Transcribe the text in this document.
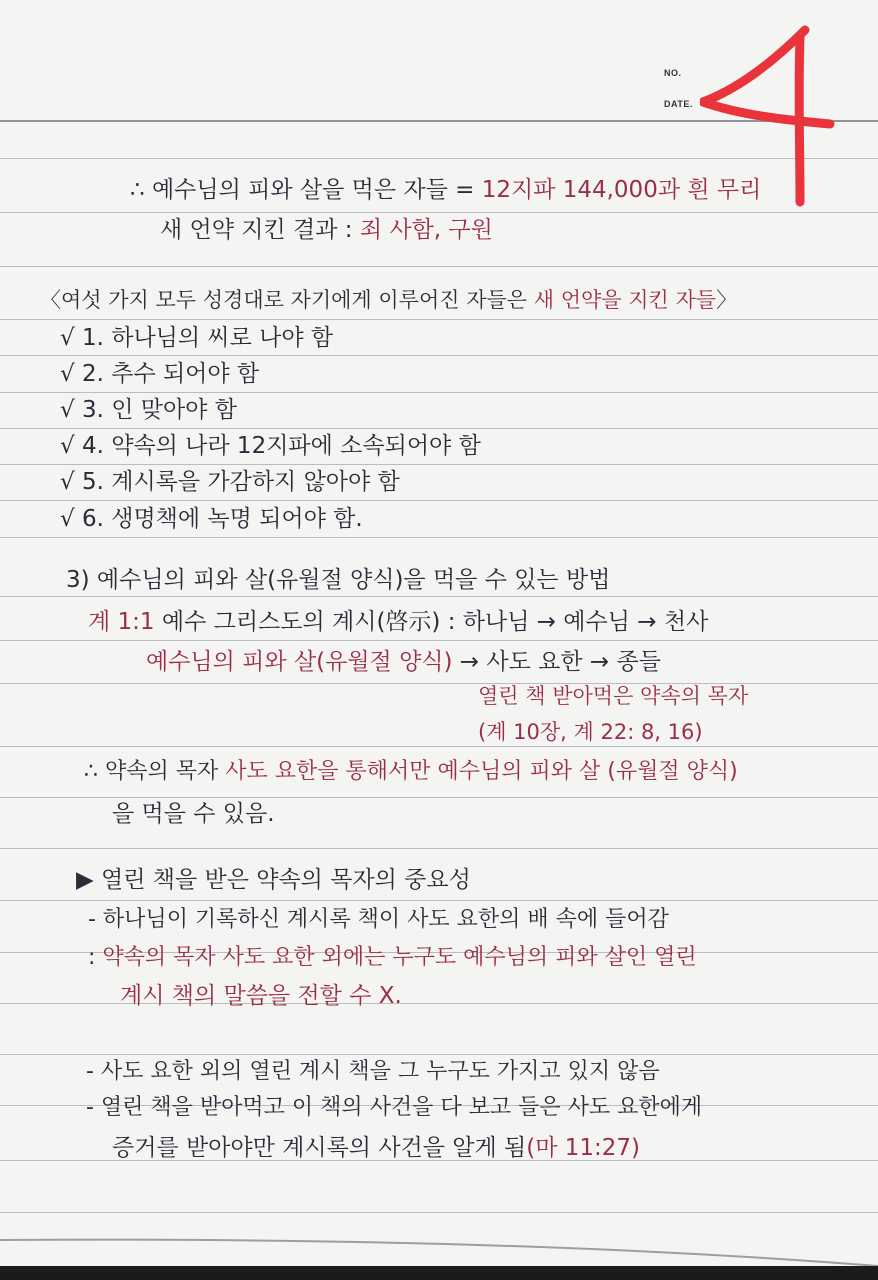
NO.
DATE.
∴ 예수님의 피와 살을 먹은 자들 = 12지파 144,000과 흰 무리
새 언약 지킨 결과 : 죄 사함, 구원
〈여섯 가지 모두 성경대로 자기에게 이루어진 자들은 새 언약을 지킨 자들〉
√ 1. 하나님의 씨로 나야 함
√ 2. 추수 되어야 함
√ 3. 인 맞아야 함
√ 4. 약속의 나라 12지파에 소속되어야 함
√ 5. 계시록을 가감하지 않아야 함
√ 6. 생명책에 녹명 되어야 함.
3) 예수님의 피와 살(유월절 양식)을 먹을 수 있는 방법
계 1:1 예수 그리스도의 계시(啓示) : 하나님 → 예수님 → 천사
예수님의 피와 살(유월절 양식) → 사도 요한 → 종들
열린 책 받아먹은 약속의 목자
(계 10장, 계 22: 8, 16)
∴ 약속의 목자 사도 요한을 통해서만 예수님의 피와 살 (유월절 양식)
을 먹을 수 있음.
▶ 열린 책을 받은 약속의 목자의 중요성
- 하나님이 기록하신 계시록 책이 사도 요한의 배 속에 들어감
: 약속의 목자 사도 요한 외에는 누구도 예수님의 피와 살인 열린
계시 책의 말씀을 전할 수 X.
- 사도 요한 외의 열린 계시 책을 그 누구도 가지고 있지 않음
- 열린 책을 받아먹고 이 책의 사건을 다 보고 들은 사도 요한에게
증거를 받아야만 계시록의 사건을 알게 됨(마 11:27)
